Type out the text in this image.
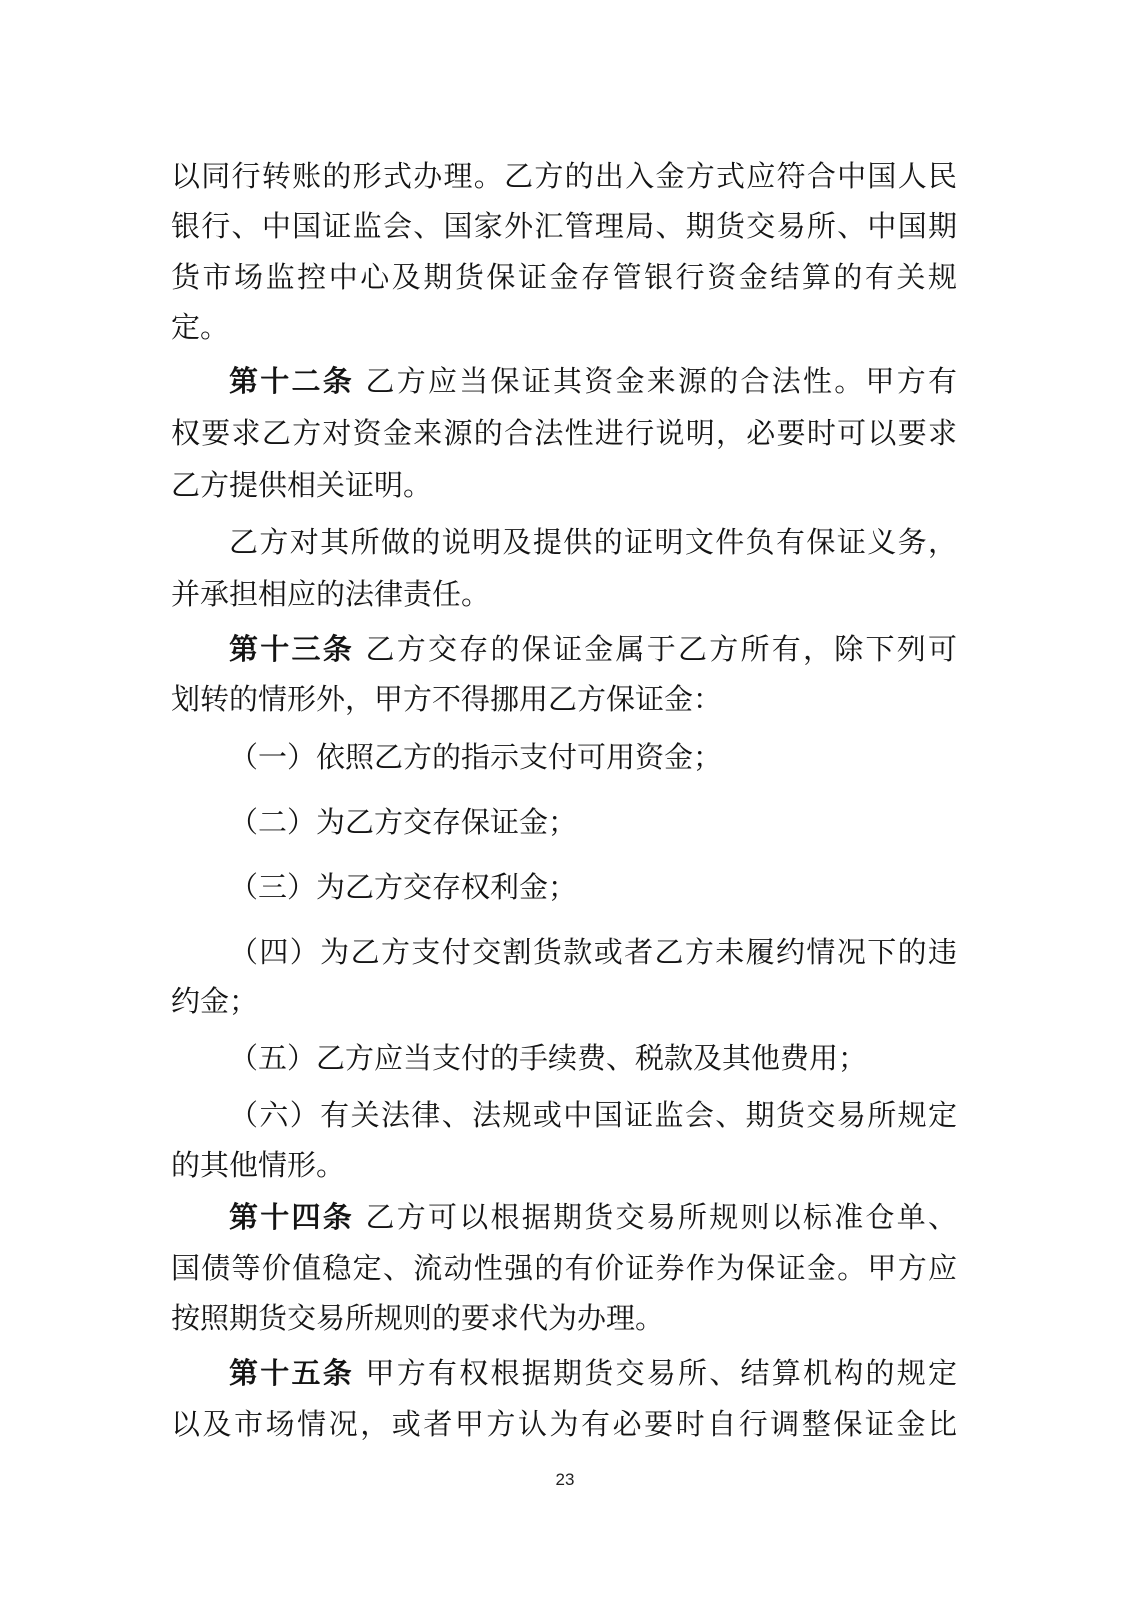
以同行转账的形式办理。乙方的出入金方式应符合中国人民

银行、中国证监会、国家外汇管理局、期货交易所、中国期

货市场监控中心及期货保证金存管银行资金结算的有关规

定。

第十二条 乙方应当保证其资金来源的合法性。甲方有

权要求乙方对资金来源的合法性进行说明，必要时可以要求

乙方提供相关证明。

乙方对其所做的说明及提供的证明文件负有保证义务，

并承担相应的法律责任。

第十三条 乙方交存的保证金属于乙方所有，除下列可

划转的情形外，甲方不得挪用乙方保证金：

（一）依照乙方的指示支付可用资金；

（二）为乙方交存保证金；

（三）为乙方交存权利金；

（四）为乙方支付交割货款或者乙方未履约情况下的违

约金；

（五）乙方应当支付的手续费、税款及其他费用；

（六）有关法律、法规或中国证监会、期货交易所规定

的其他情形。

第十四条 乙方可以根据期货交易所规则以标准仓单、

国债等价值稳定、流动性强的有价证券作为保证金。甲方应

按照期货交易所规则的要求代为办理。

第十五条 甲方有权根据期货交易所、结算机构的规定

以及市场情况，或者甲方认为有必要时自行调整保证金比

23
